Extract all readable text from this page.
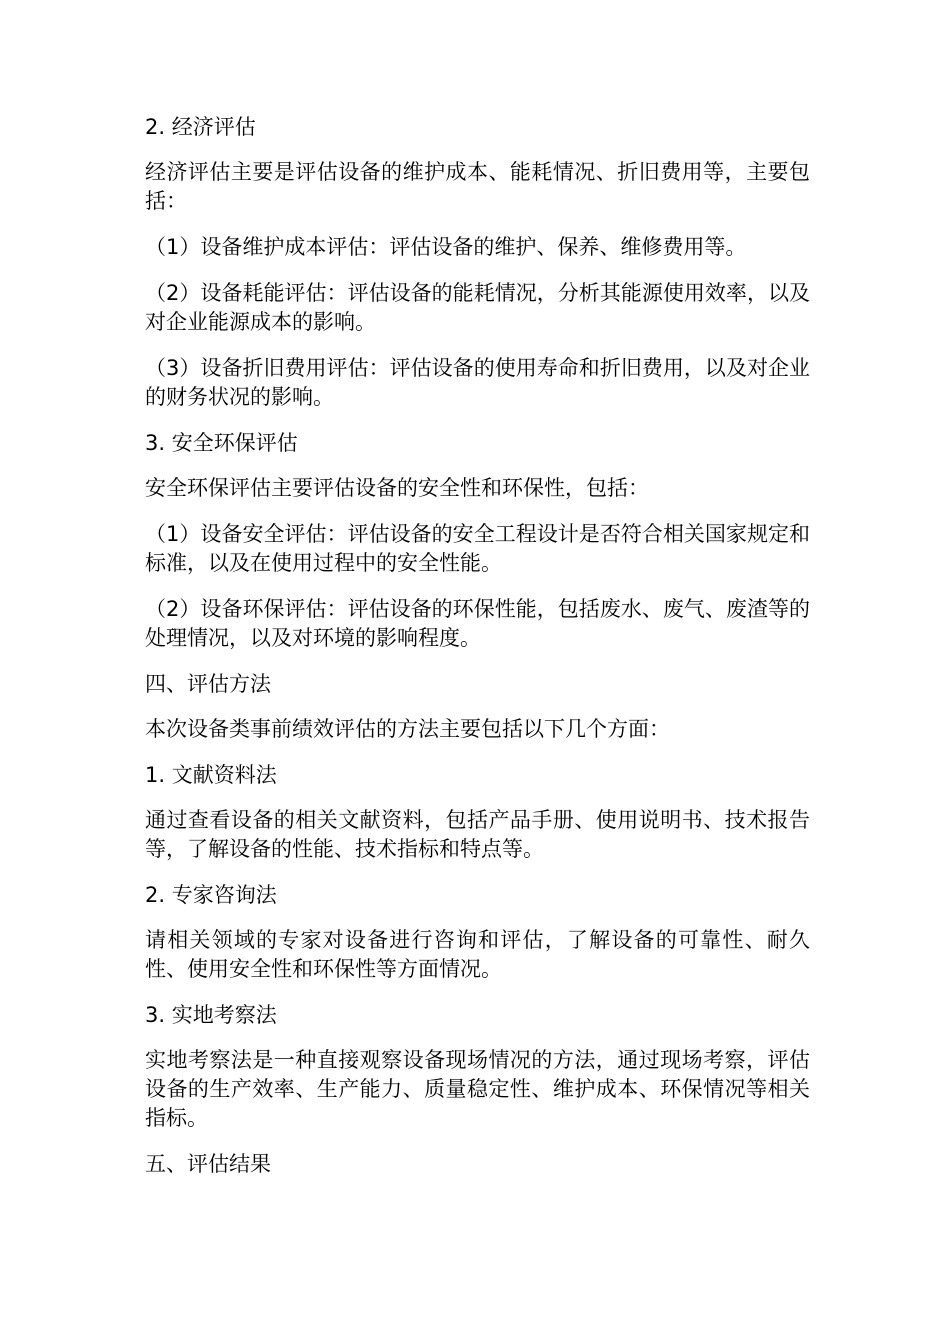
2. 经济评估

经济评估主要是评估设备的维护成本、能耗情况、折旧费用等，主要包括：

（1）设备维护成本评估：评估设备的维护、保养、维修费用等。

（2）设备耗能评估：评估设备的能耗情况，分析其能源使用效率，以及对企业能源成本的影响。

（3）设备折旧费用评估：评估设备的使用寿命和折旧费用，以及对企业的财务状况的影响。

3. 安全环保评估

安全环保评估主要评估设备的安全性和环保性，包括：

（1）设备安全评估：评估设备的安全工程设计是否符合相关国家规定和标准，以及在使用过程中的安全性能。

（2）设备环保评估：评估设备的环保性能，包括废水、废气、废渣等的处理情况，以及对环境的影响程度。

四、评估方法

本次设备类事前绩效评估的方法主要包括以下几个方面：

1. 文献资料法

通过查看设备的相关文献资料，包括产品手册、使用说明书、技术报告等，了解设备的性能、技术指标和特点等。

2. 专家咨询法

请相关领域的专家对设备进行咨询和评估，了解设备的可靠性、耐久性、使用安全性和环保性等方面情况。

3. 实地考察法

实地考察法是一种直接观察设备现场情况的方法，通过现场考察，评估设备的生产效率、生产能力、质量稳定性、维护成本、环保情况等相关指标。

五、评估结果
